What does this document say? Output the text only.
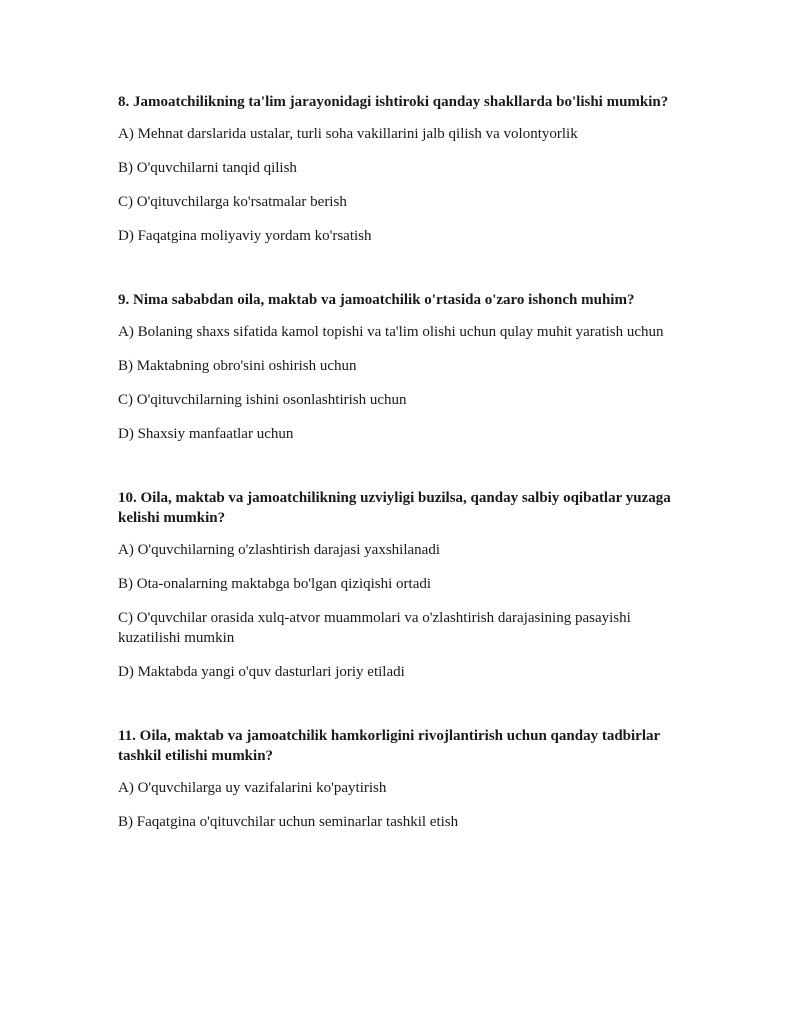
8. Jamoatchilikning ta'lim jarayonidagi ishtiroki qanday shakllarda bo'lishi mumkin?

A) Mehnat darslarida ustalar, turli soha vakillarini jalb qilish va volontyorlik

B) O'quvchilarni tanqid qilish

C) O'qituvchilarga ko'rsatmalar berish

D) Faqatgina moliyaviy yordam ko'rsatish

9. Nima sababdan oila, maktab va jamoatchilik o'rtasida o'zaro ishonch muhim?

A) Bolaning shaxs sifatida kamol topishi va ta'lim olishi uchun qulay muhit yaratish uchun

B) Maktabning obro'sini oshirish uchun

C) O'qituvchilarning ishini osonlashtirish uchun

D) Shaxsiy manfaatlar uchun

10. Oila, maktab va jamoatchilikning uzviyligi buzilsa, qanday salbiy oqibatlar yuzaga kelishi mumkin?

A) O'quvchilarning o'zlashtirish darajasi yaxshilanadi

B) Ota-onalarning maktabga bo'lgan qiziqishi ortadi

C) O'quvchilar orasida xulq-atvor muammolari va o'zlashtirish darajasining pasayishi kuzatilishi mumkin

D) Maktabda yangi o'quv dasturlari joriy etiladi

11. Oila, maktab va jamoatchilik hamkorligini rivojlantirish uchun qanday tadbirlar tashkil etilishi mumkin?

A) O'quvchilarga uy vazifalarini ko'paytirish

B) Faqatgina o'qituvchilar uchun seminarlar tashkil etish
